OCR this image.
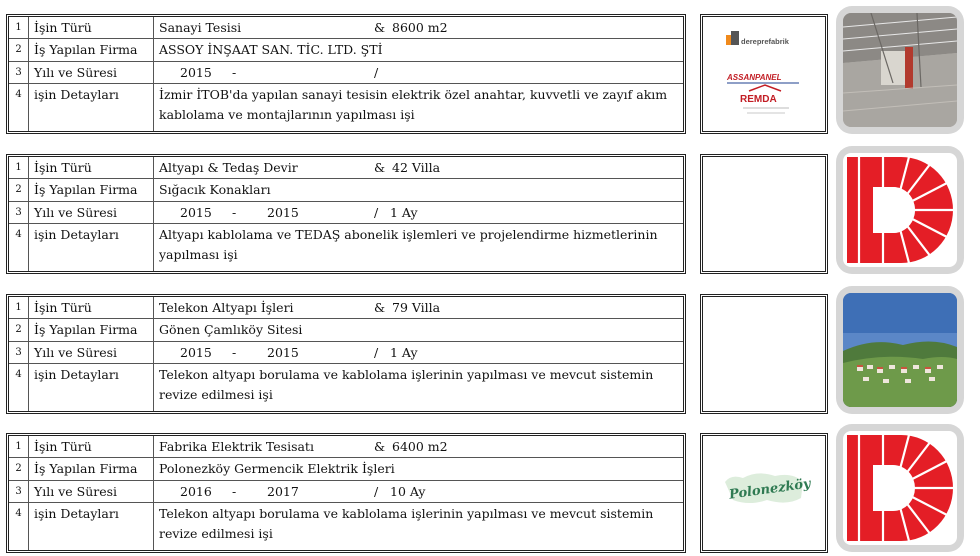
1 İşin Türü	Sanayi Tesisi	& 8600 m2
2 İş Yapılan Firma	ASSOY İNŞAAT SAN. TİC. LTD. ŞTİ
3 Yılı ve Süresi	2015 -	/
4 işin Detayları	İzmir İTOB'da yapılan sanayi tesisin elektrik özel anahtar, kuvvetli ve zayıf akım kablolama ve montajlarının yapılması işi
1 İşin Türü	Altyapı & Tedaş Devir	& 42 Villa
2 İş Yapılan Firma	Sığacık Konakları
3 Yılı ve Süresi	2015 - 2015	/ 1 Ay
4 işin Detayları	Altyapı kablolama ve TEDAŞ abonelik işlemleri ve projelendirme hizmetlerinin yapılması işi
1 İşin Türü	Telekon Altyapı İşleri	& 79 Villa
2 İş Yapılan Firma	Gönen Çamlıköy Sitesi
3 Yılı ve Süresi	2015 - 2015	/ 1 Ay
4 işin Detayları	Telekon altyapı borulama ve kablolama işlerinin yapılması ve mevcut sistemin revize edilmesi işi
1 İşin Türü	Fabrika Elektrik Tesisatı	& 6400 m2
2 İş Yapılan Firma	Polonezköy Germencik Elektrik İşleri
3 Yılı ve Süresi	2016 - 2017	/ 10 Ay
4 işin Detayları	Telekon altyapı borulama ve kablolama işlerinin yapılması ve mevcut sistemin revize edilmesi işi
dereprefabrik
ASSANPANEL
REMDA
Polonezköy
